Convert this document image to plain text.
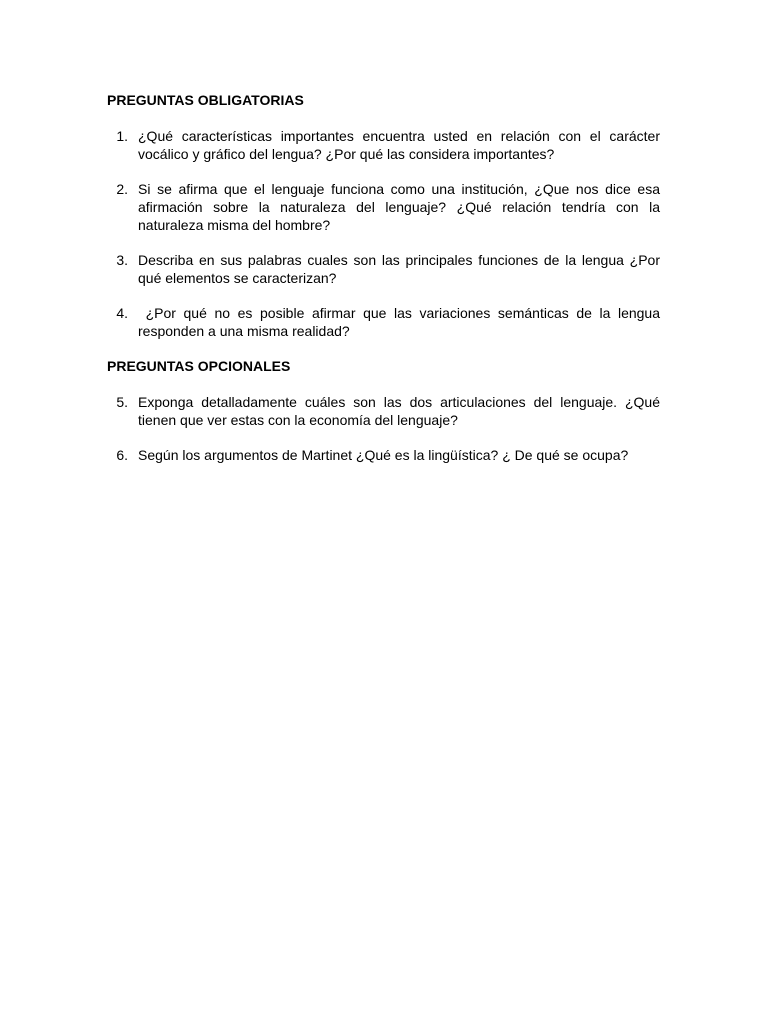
PREGUNTAS OBLIGATORIAS
1. ¿Qué características importantes encuentra usted en relación con el carácter vocálico y gráfico del lengua? ¿Por qué las considera importantes?
2. Si se afirma que el lenguaje funciona como una institución, ¿Que nos dice esa afirmación sobre la naturaleza del lenguaje? ¿Qué relación tendría con la naturaleza misma del hombre?
3. Describa en sus palabras cuales son las principales funciones de la lengua ¿Por qué elementos se caracterizan?
4. ¿Por qué no es posible afirmar que las variaciones semánticas de la lengua responden a una misma realidad?
PREGUNTAS OPCIONALES
5. Exponga detalladamente cuáles son las dos articulaciones del lenguaje. ¿Qué tienen que ver estas con la economía del lenguaje?
6. Según los argumentos de Martinet ¿Qué es la lingüística? ¿ De qué se ocupa?
